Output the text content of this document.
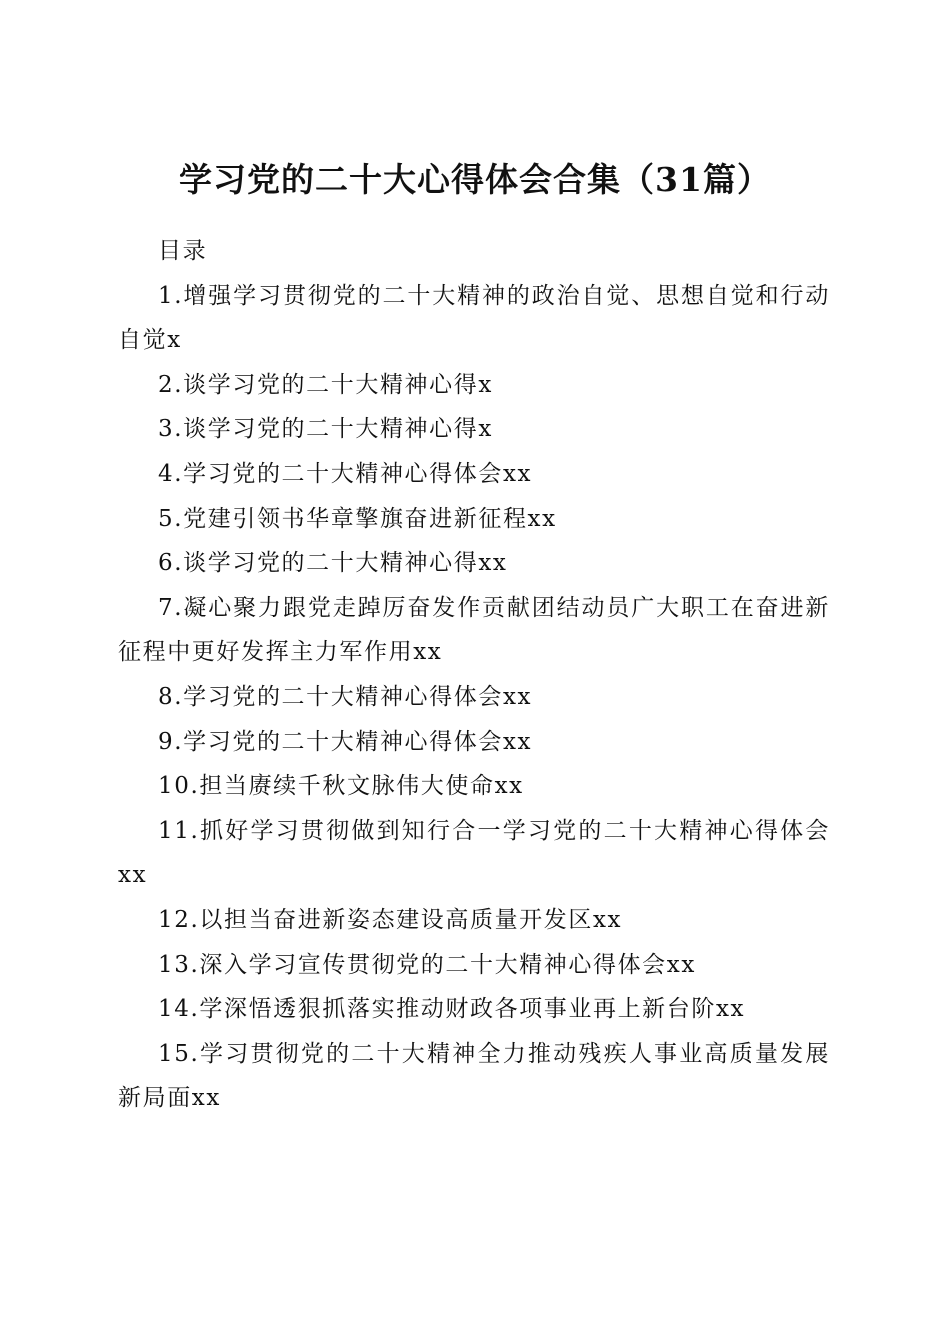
学习党的二十大心得体会合集（31篇）

目录

1.增强学习贯彻党的二十大精神的政治自觉、思想自觉和行动自觉x
2.谈学习党的二十大精神心得x
3.谈学习党的二十大精神心得x
4.学习党的二十大精神心得体会xx
5.党建引领书华章擎旗奋进新征程xx
6.谈学习党的二十大精神心得xx
7.凝心聚力跟党走踔厉奋发作贡献团结动员广大职工在奋进新征程中更好发挥主力军作用xx
8.学习党的二十大精神心得体会xx
9.学习党的二十大精神心得体会xx
10.担当赓续千秋文脉伟大使命xx
11.抓好学习贯彻做到知行合一学习党的二十大精神心得体会xx
12.以担当奋进新姿态建设高质量开发区xx
13.深入学习宣传贯彻党的二十大精神心得体会xx
14.学深悟透狠抓落实推动财政各项事业再上新台阶xx
15.学习贯彻党的二十大精神全力推动残疾人事业高质量发展新局面xx
